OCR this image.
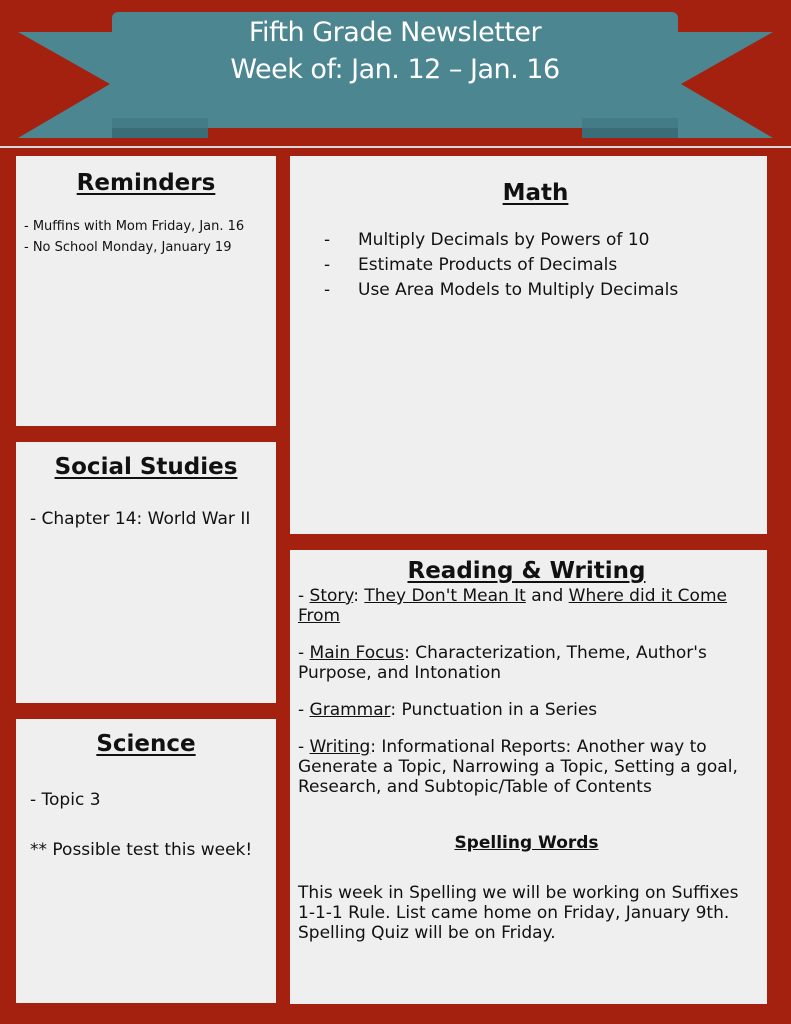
Fifth Grade Newsletter
Week of: Jan. 12 – Jan. 16
Reminders
- Muffins with Mom Friday, Jan. 16
- No School Monday, January 19
Math
- Multiply Decimals by Powers of 10
- Estimate Products of Decimals
- Use Area Models to Multiply Decimals
Social Studies
- Chapter 14: World War II
Science
- Topic 3
** Possible test this week!
Reading & Writing

- Story: They Don't Mean It and Where did it Come From

- Main Focus: Characterization, Theme, Author's Purpose, and Intonation

- Grammar: Punctuation in a Series

- Writing: Informational Reports: Another way to Generate a Topic, Narrowing a Topic, Setting a goal, Research, and Subtopic/Table of Contents

Spelling Words

This week in Spelling we will be working on Suffixes 1-1-1 Rule. List came home on Friday, January 9th. Spelling Quiz will be on Friday.
